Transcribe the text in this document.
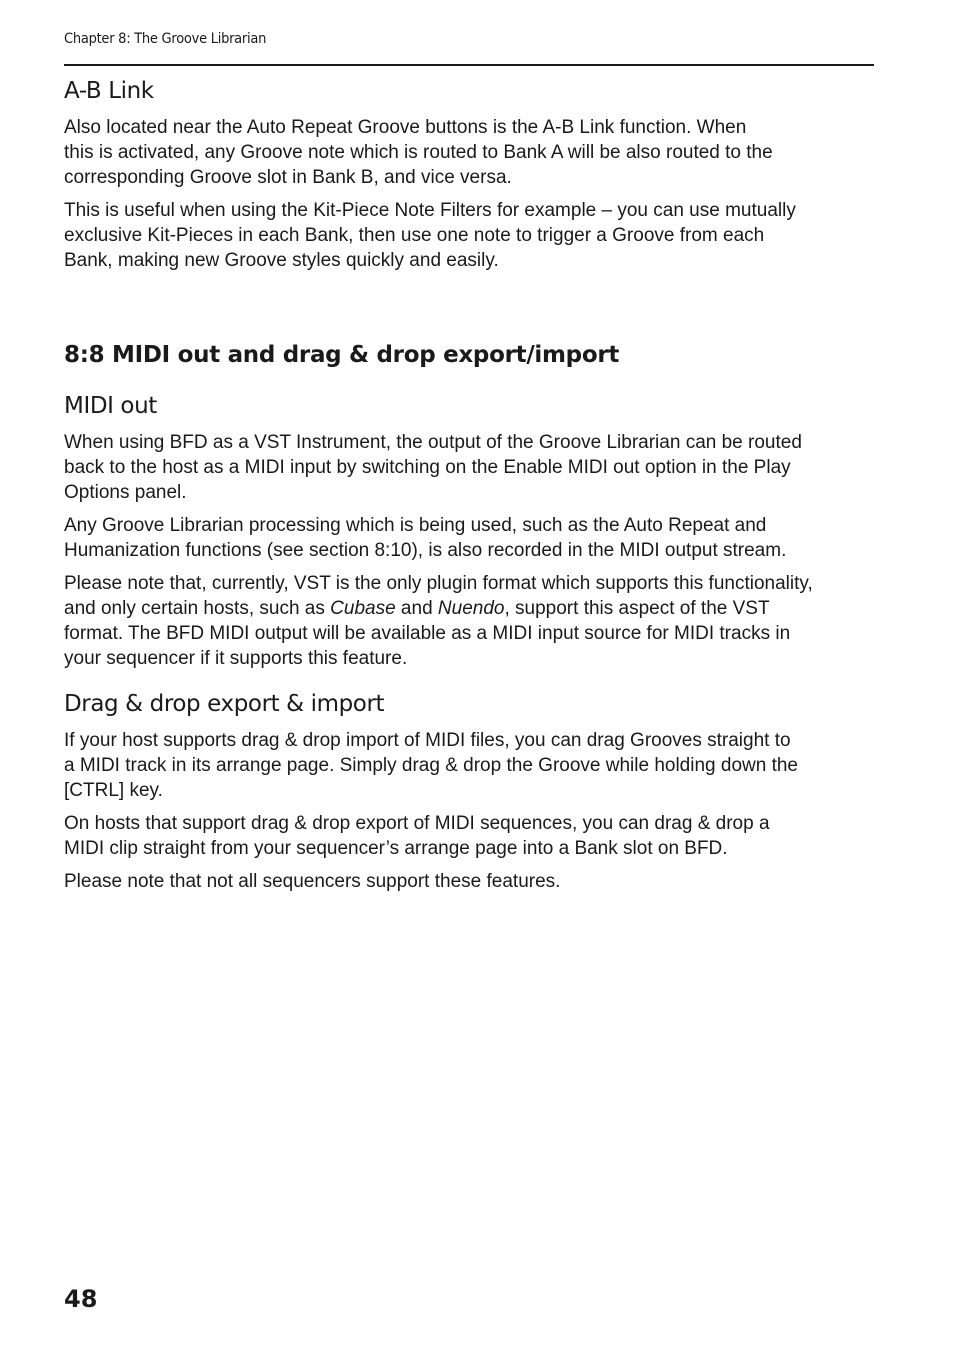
Chapter 8: The Groove Librarian
A-B Link

Also located near the Auto Repeat Groove buttons is the A-B Link function. When
this is activated, any Groove note which is routed to Bank A will be also routed to the
corresponding Groove slot in Bank B, and vice versa.

This is useful when using the Kit-Piece Note Filters for example – you can use mutually
exclusive Kit-Pieces in each Bank, then use one note to trigger a Groove from each
Bank, making new Groove styles quickly and easily.

8:8 MIDI out and drag & drop export/import
MIDI out

When using BFD as a VST Instrument, the output of the Groove Librarian can be routed
back to the host as a MIDI input by switching on the Enable MIDI out option in the Play
Options panel.

Any Groove Librarian processing which is being used, such as the Auto Repeat and
Humanization functions (see section 8:10), is also recorded in the MIDI output stream.

Please note that, currently, VST is the only plugin format which supports this functionality,
and only certain hosts, such as Cubase and Nuendo, support this aspect of the VST
format. The BFD MIDI output will be available as a MIDI input source for MIDI tracks in
your sequencer if it supports this feature.

Drag & drop export & import

If your host supports drag & drop import of MIDI files, you can drag Grooves straight to
a MIDI track in its arrange page. Simply drag & drop the Groove while holding down the
[CTRL] key.

On hosts that support drag & drop export of MIDI sequences, you can drag & drop a
MIDI clip straight from your sequencer’s arrange page into a Bank slot on BFD.

Please note that not all sequencers support these features.

48
